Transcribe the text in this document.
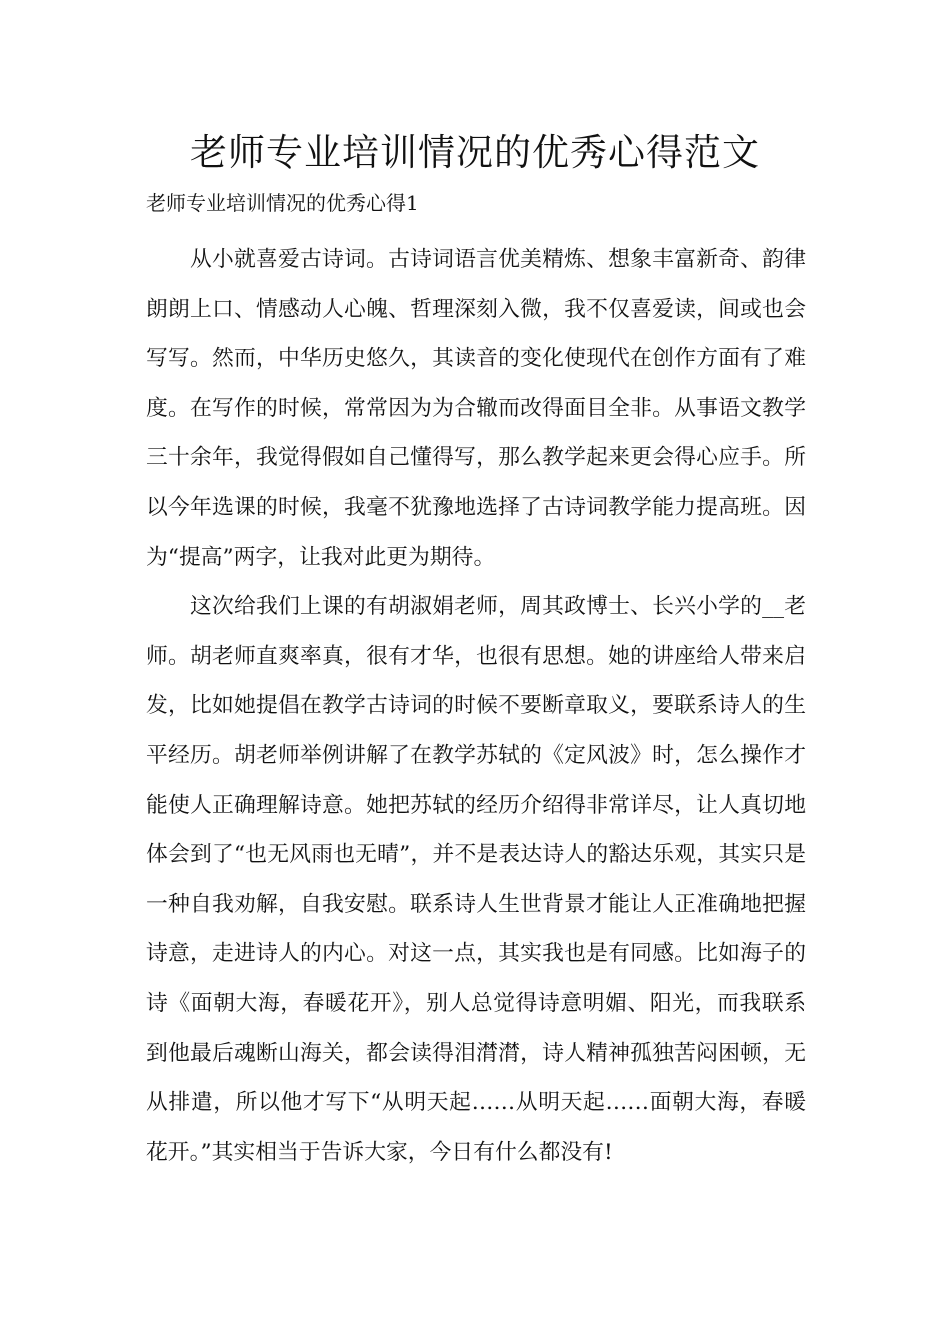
老师专业培训情况的优秀心得范文
老师专业培训情况的优秀心得1

从小就喜爱古诗词。古诗词语言优美精炼、想象丰富新奇、韵律朗朗上口、情感动人心魄、哲理深刻入微，我不仅喜爱读，间或也会写写。然而，中华历史悠久，其读音的变化使现代在创作方面有了难度。在写作的时候，常常因为为合辙而改得面目全非。从事语文教学三十余年，我觉得假如自己懂得写，那么教学起来更会得心应手。所以今年选课的时候，我毫不犹豫地选择了古诗词教学能力提高班。因为“提高”两字，让我对此更为期待。

这次给我们上课的有胡淑娟老师，周其政博士、长兴小学的__老师。胡老师直爽率真，很有才华，也很有思想。她的讲座给人带来启发，比如她提倡在教学古诗词的时候不要断章取义，要联系诗人的生平经历。胡老师举例讲解了在教学苏轼的《定风波》时，怎么操作才能使人正确理解诗意。她把苏轼的经历介绍得非常详尽，让人真切地体会到了“也无风雨也无晴”，并不是表达诗人的豁达乐观，其实只是一种自我劝解，自我安慰。联系诗人生世背景才能让人正准确地把握诗意，走进诗人的内心。对这一点，其实我也是有同感。比如海子的诗《面朝大海，春暖花开》，别人总觉得诗意明媚、阳光，而我联系到他最后魂断山海关，都会读得泪潸潸，诗人精神孤独苦闷困顿，无从排遣，所以他才写下“从明天起……从明天起……面朝大海，春暖花开。”其实相当于告诉大家，今日有什么都没有!
